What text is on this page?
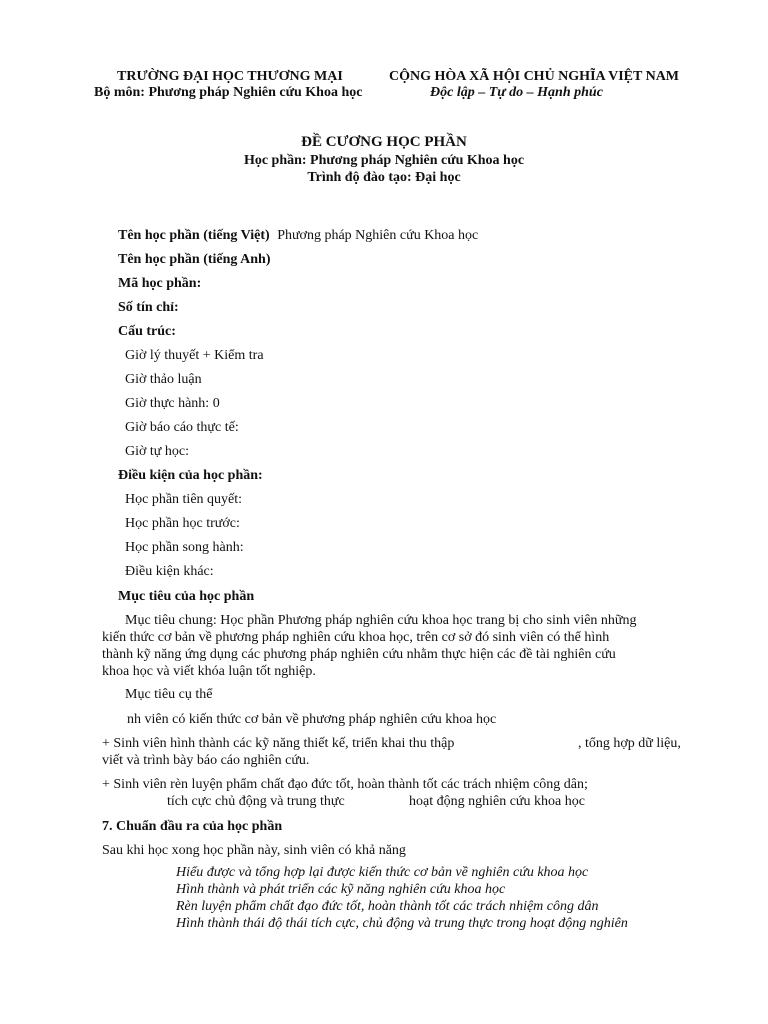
TRƯỜNG ĐẠI HỌC THƯƠNG MẠI
Bộ môn: Phương pháp Nghiên cứu Khoa học
CỘNG HÒA XÃ HỘI CHỦ NGHĨA VIỆT NAM
Độc lập – Tự do – Hạnh phúc
ĐỀ CƯƠNG HỌC PHẦN
Học phần: Phương pháp Nghiên cứu Khoa học
Trình độ đào tạo: Đại học
Tên học phần (tiếng Việt) Phương pháp Nghiên cứu Khoa học
Tên học phần (tiếng Anh)
Mã học phần:
Số tín chỉ:
Cấu trúc:
Giờ lý thuyết + Kiểm tra
Giờ thảo luận
Giờ thực hành: 0
Giờ báo cáo thực tế:
Giờ tự học:
Điều kiện của học phần:
Học phần tiên quyết:
Học phần học trước:
Học phần song hành:
Điều kiện khác:
Mục tiêu của học phần
Mục tiêu chung: Học phần Phương pháp nghiên cứu khoa học trang bị cho sinh viên những
kiến thức cơ bản về phương pháp nghiên cứu khoa học, trên cơ sở đó sinh viên có thể hình
thành kỹ năng ứng dụng các phương pháp nghiên cứu nhằm thực hiện các đề tài nghiên cứu
khoa học và viết khóa luận tốt nghiệp.
Mục tiêu cụ thể
nh viên có kiến thức cơ bản về phương pháp nghiên cứu khoa học
+ Sinh viên hình thành các kỹ năng thiết kế, triển khai thu thập	, tổng hợp dữ liệu,
viết và trình bày báo cáo nghiên cứu.
+ Sinh viên rèn luyện phẩm chất đạo đức tốt, hoàn thành tốt các trách nhiệm công dân;
tích cực chủ động và trung thực	hoạt động nghiên cứu khoa học
7. Chuẩn đầu ra của học phần
Sau khi học xong học phần này, sinh viên có khả năng
Hiểu được và tổng hợp lại được kiến thức cơ bản về nghiên cứu khoa học
Hình thành và phát triển các kỹ năng nghiên cứu khoa học
Rèn luyện phẩm chất đạo đức tốt, hoàn thành tốt các trách nhiệm công dân
Hình thành thái độ thái tích cực, chủ động và trung thực trong hoạt động nghiên
